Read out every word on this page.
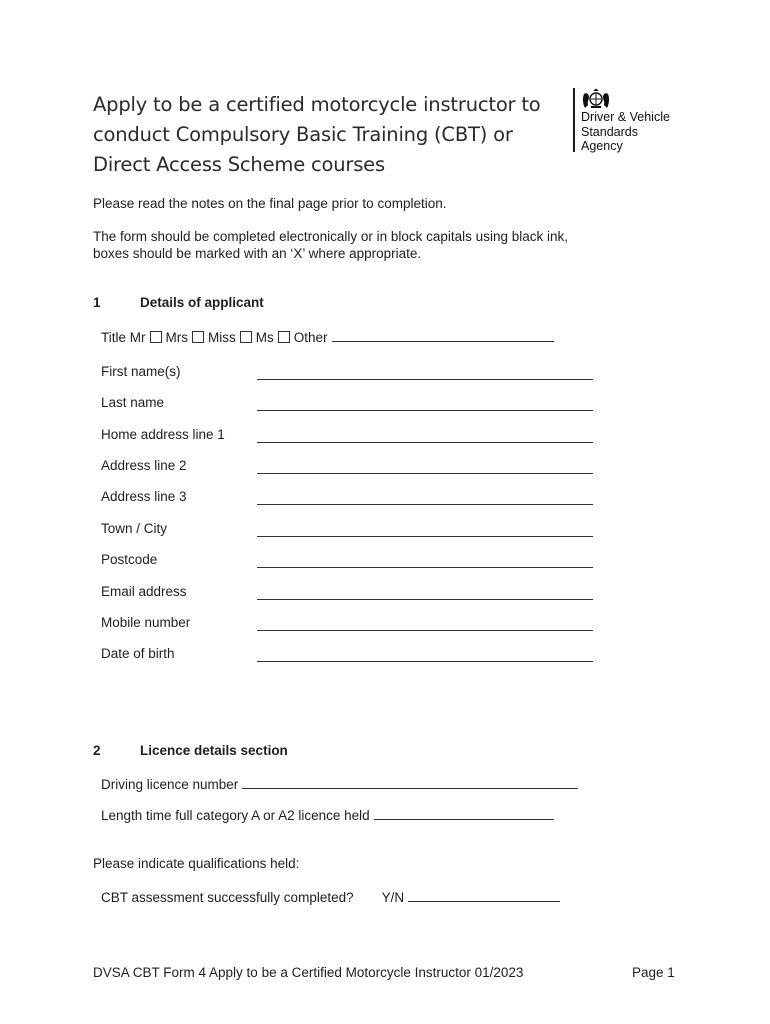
Apply to be a certified motorcycle instructor to
conduct Compulsory Basic Training (CBT) or
Direct Access Scheme courses
Driver & Vehicle
Standards
Agency
Please read the notes on the final page prior to completion.
The form should be completed electronically or in block capitals using black ink,
boxes should be marked with an ‘X’ where appropriate.
1	Details of applicant
Title Mr Mrs Miss Ms Other
First name(s)
Last name
Home address line 1
Address line 2
Address line 3
Town / City
Postcode
Email address
Mobile number
Date of birth
2	Licence details section
Driving licence number
Length time full category A or A2 licence held
Please indicate qualifications held:
CBT assessment successfully completed? Y/N
DVSA CBT Form 4 Apply to be a Certified Motorcycle Instructor 01/2023	Page 1
